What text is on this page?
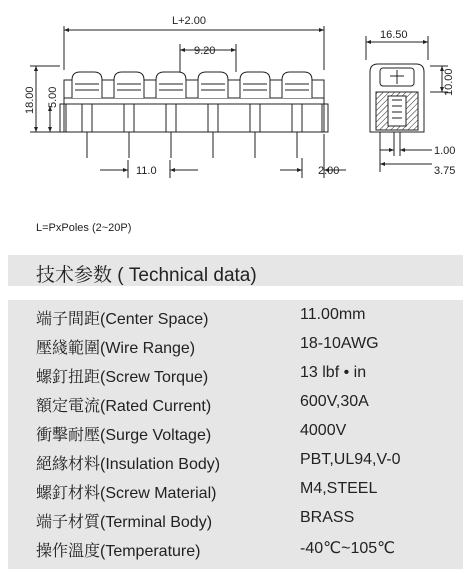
L+2.00
9.20
18.00 5.00
11.0	2.00
16.50
10.00
1.00
3.75
L=PxPoles (2~20P)
技术参数 ( Technical data)
端子間距(Center Space)	11.00mm
壓綫範圍(Wire Range)	18-10AWG
螺釘扭距(Screw Torque)	13 lbf • in
額定電流(Rated Current)	600V,30A
衝擊耐壓(Surge Voltage)	4000V
絕緣材料(Insulation Body)	PBT,UL94,V-0
螺釘材料(Screw Material)	M4,STEEL
端子材質(Terminal Body)	BRASS
操作溫度(Temperature)	-40℃~105℃
